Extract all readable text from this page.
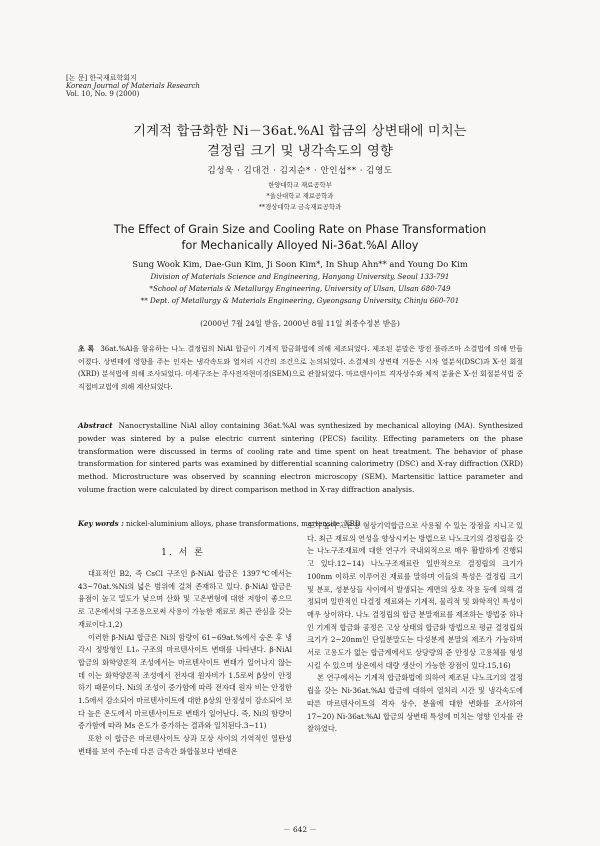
[논 문] 한국재료학회지
Korean Journal of Materials Research
Vol. 10, No. 9 (2000)
기계적 합금화한 Ni－36at.%Al 합금의 상변태에 미치는
결정립 크기 및 냉각속도의 영향
김성욱 · 김대건 · 김지순* · 안인섭** · 김영도
한양대학교 재료공학부
*울산대학교 재료공학과
**경상대학교 금속재료공학과
The Effect of Grain Size and Cooling Rate on Phase Transformation
for Mechanically Alloyed Ni-36at.%Al Alloy
Sung Wook Kim, Dae-Gun Kim, Ji Soon Kim*, In Shup Ahn** and Young Do Kim
Division of Materials Science and Engineering, Hanyang University, Seoul 133-791
*School of Materials & Metallurgy Engineering, University of Ulsan, Ulsan 680-749
** Dept. of Metallurgy & Materials Engineering, Gyeongsang University, Chinju 660-701
(2000년 7월 24일 받음, 2000년 8월 11일 최종수정본 받음)
초 록 36at.%Al을 함유하는 나노 결정립의 NiAl 합금이 기계적 합금화법에 의해 제조되었다. 제조된 분말은 방전 플라즈마 소결법에 의해 만들어졌다. 상변태에 영향을 주는 인자는 냉각속도와 열처리 시간의 조건으로 논의되었다. 소결체의 상변태 거동은 시차 열분석(DSC)과 X-선 회절(XRD) 분석법에 의해 조사되었다. 미세구조는 주사전자현미경(SEM)으로 관찰되었다. 마르텐사이트 격자상수와 체적 분율은 X-선 회절분석법 중 직접비교법에 의해 계산되었다.
Abstract Nanocrystalline NiAl alloy containing 36at.%Al was synthesized by mechanical alloying (MA). Synthesized powder was sintered by a pulse electric current sintering (PECS) facility. Effecting parameters on the phase transformation were discussed in terms of cooling rate and time spent on heat treatment. The behavior of phase transformation for sintered parts was examined by differential scanning calorimetry (DSC) and X-ray diffraction (XRD) method. Microstructure was observed by scanning electron microscopy (SEM). Martensitic lattice parameter and volume fraction were calculated by direct comparison method in X-ray diffraction analysis.
Key words : nickel-aluminium alloys, phase transformations, martensite, XRD
1. 서 론

대표적인 B2, 즉 CsCl 구조인 β-NiAl 합금은 1397℃에서는 43~70at.%Ni의 넓은 범위에 걸쳐 존재하고 있다. β-NiAl 합금은 융점이 높고 밀도가 낮으며 산화 및 고온변형에 대한 저항이 좋으므로 고온에서의 구조용으로써 사용이 가능한 재료로 최근 관심을 갖는 재료이다.1,2)

이러한 β-NiAl 합금은 Ni의 함량이 61~69at.%에서 승온 후 냉각시 정방형인 L1₀ 구조의 마르텐사이트 변태를 나타낸다. β-NiAl 합금의 화학양론적 조성에서는 마르텐사이트 변태가 일어나지 않는데 이는 화학양론적 조성에서 전자대 원자비가 1.5로써 β상이 안정하기 때문이다. Ni의 조성이 증가함에 따라 전자대 원자 비는 안정한 1.5에서 감소되어 마르텐사이트에 대한 β상의 안정성이 감소되어 보다 높은 온도에서 마르텐사이트로 변태가 일어난다. 즉, Ni의 함량이 증가함에 따라 Ms 온도가 증가하는 결과와 일치된다.3~11)

또한 이 합금은 마르텐사이트 상과 모상 사이의 가역적인 열탄성 변태를 보여 주는데 다른 금속간 화합물보다 변태온

도가 높아 고온용 형상기억합금으로 사용될 수 있는 장점을 지니고 있다. 최근 재료의 연성을 향상시키는 방법으로 나노크기의 결정립을 갖는 나노구조재료에 대한 연구가 국내외적으로 매우 활발하게 진행되고 있다.12~14) 나노구조재료란 일반적으로 결정립의 크기가 100nm 이하로 이루어진 재료를 말하며 이들의 특성은 결정립 크기 및 분포, 성분상들 사이에서 발생되는 계면의 상호 작용 등에 의해 결정되며 일반적인 다결정 재료와는 기계적, 물리적 및 화학적인 특성이 매우 상이하다. 나노 결정립의 합금 분말재료를 제조하는 방법중 하나인 기계적 합금화 공정은 고상 상태의 합금화 방법으로 평균 결정립의 크기가 2~20nm인 단일분말도는 다성분계 분말의 제조가 가능하며 서로 고용도가 없는 합금계에서도 상당량의 준 안정상 고용체를 형성시킬 수 있으며 상온에서 대량 생산이 가능한 장점이 있다.15,16)

본 연구에서는 기계적 합금화법에 의하여 제조된 나노크기의 결정립을 갖는 Ni-36at.%Al 합금에 대하여 열처리 시간 및 냉각속도에 따른 마르텐사이트의 격자 상수, 분율에 대한 변화를 조사하여17~20) Ni-36at.%Al 합금의 상변태 특성에 미치는 영향 인자를 관찰하였다.

－ 642 －
